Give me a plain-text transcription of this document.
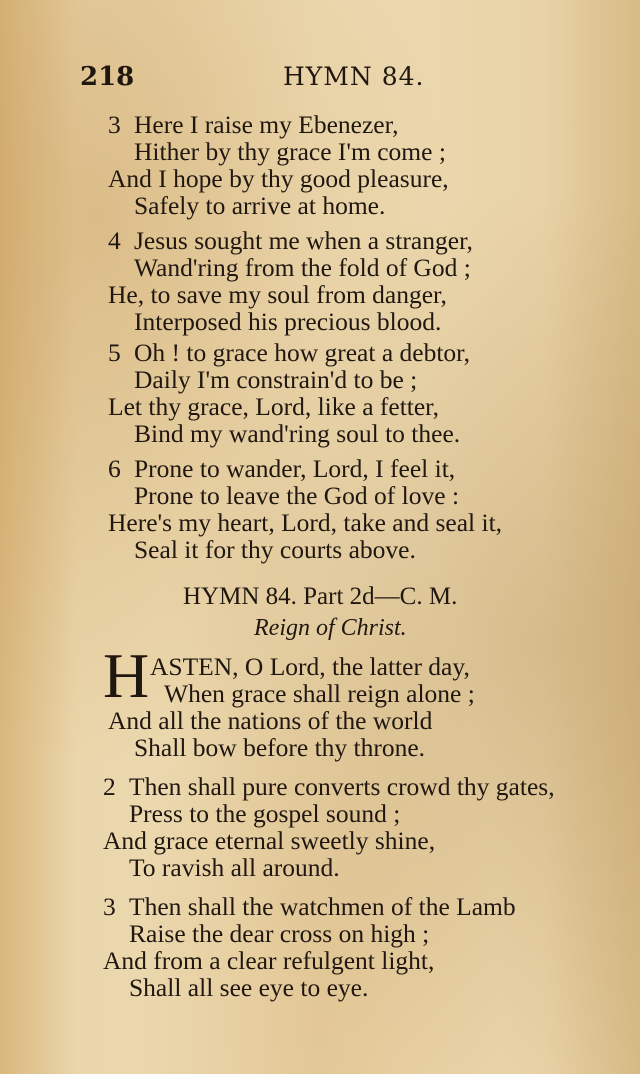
218	HYMN 84.
3 Here I raise my Ebenezer,
Hither by thy grace I'm come ;
And I hope by thy good pleasure,
Safely to arrive at home.
4 Jesus sought me when a stranger,
Wand'ring from the fold of God ;
He, to save my soul from danger,
Interposed his precious blood.
5 Oh ! to grace how great a debtor,
Daily I'm constrain'd to be ;
Let thy grace, Lord, like a fetter,
Bind my wand'ring soul to thee.
6 Prone to wander, Lord, I feel it,
Prone to leave the God of love :
Here's my heart, Lord, take and seal it,
Seal it for thy courts above.
HYMN 84. Part 2d—C. M.
Reign of Christ.
H ASTEN, O Lord, the latter day,
When grace shall reign alone ;
And all the nations of the world
Shall bow before thy throne.
2 Then shall pure converts crowd thy gates,
Press to the gospel sound ;
And grace eternal sweetly shine,
To ravish all around.
3 Then shall the watchmen of the Lamb
Raise the dear cross on high ;
And from a clear refulgent light,
Shall all see eye to eye.
